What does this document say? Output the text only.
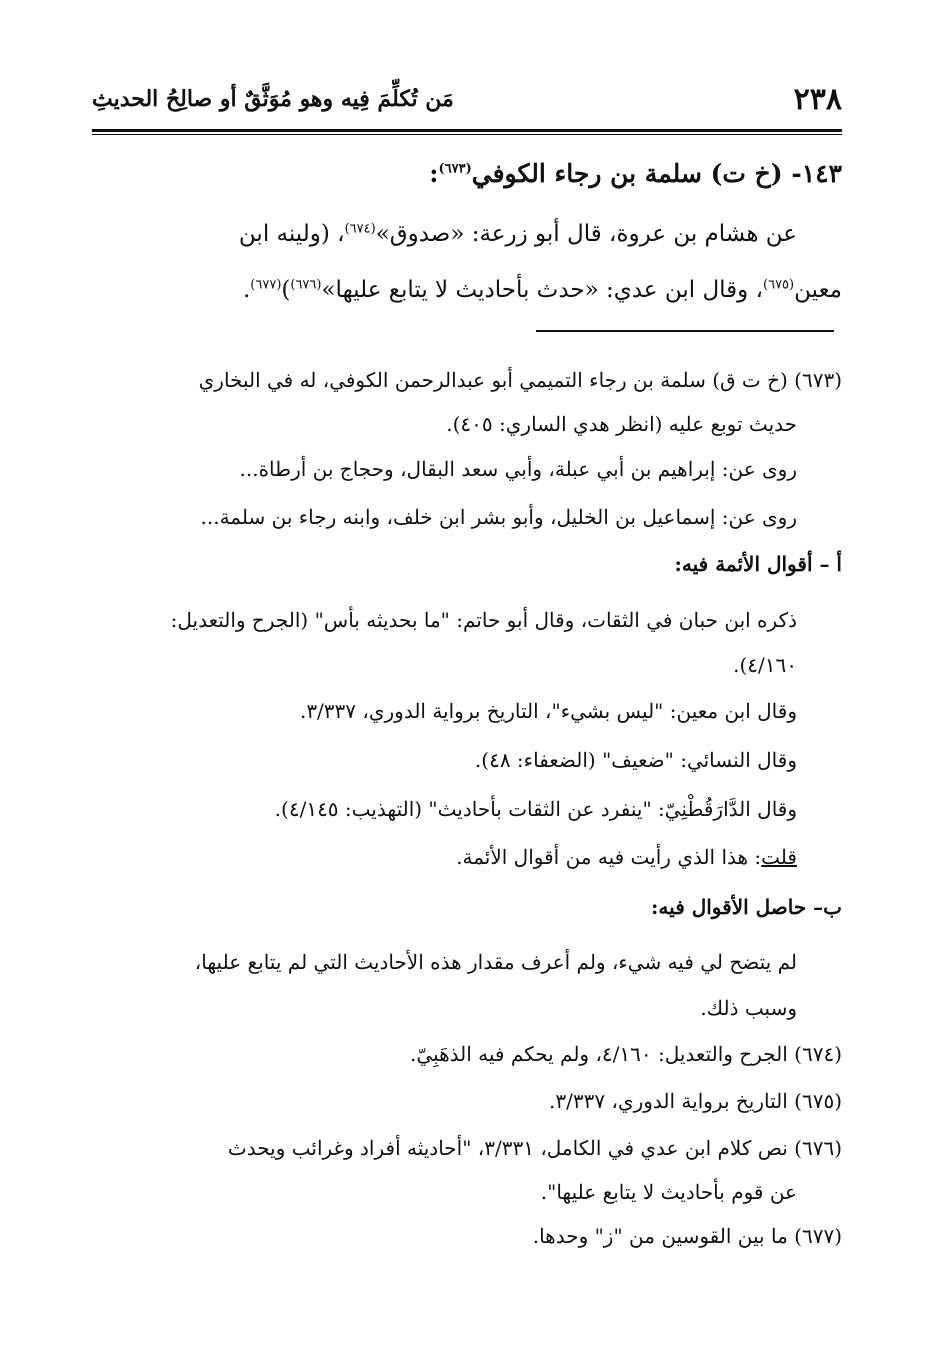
٢٣٨
مَن تُكلِّمَ فِيه وهو مُوَثَّقٌ أو صالِحُ الحديثِ
١٤٣- (خ ت) سلمة بن رجاء الكوفي$^{(٦٧٣)}$:
عن هشام بن عروة، قال أبو زرعة: «صدوق»$^{(٦٧٤)}$، (ولينه ابن
معين$^{(٦٧٥)}$، وقال ابن عدي: «حدث بأحاديث لا يتابع عليها»$^{(٦٧٦)}$)$^{(٦٧٧)}$.
(٦٧٣) (خ ت ق) سلمة بن رجاء التميمي أبو عبدالرحمن الكوفي، له في البخاري
حديث توبع عليه (انظر هدي الساري: ٤٠٥).
روى عن: إبراهيم بن أبي عبلة، وأبي سعد البقال، وحجاج بن أرطاة...
روى عن: إسماعيل بن الخليل، وأبو بشر ابن خلف، وابنه رجاء بن سلمة...
أ – أقوال الأئمة فيه:
ذكره ابن حبان في الثقات، وقال أبو حاتم: "ما بحديثه بأس" (الجرح والتعديل:
٤/١٦٠).
وقال ابن معين: "ليس بشيء"، التاريخ برواية الدوري، ٣/٣٣٧.
وقال النسائي: "ضعيف" (الضعفاء: ٤٨).
وقال الدَّارَقُطْنِيّ: "ينفرد عن الثقات بأحاديث" (التهذيب: ٤/١٤٥).
قلت: هذا الذي رأيت فيه من أقوال الأئمة.
ب– حاصل الأقوال فيه:
لم يتضح لي فيه شيء، ولم أعرف مقدار هذه الأحاديث التي لم يتابع عليها،
وسبب ذلك.
(٦٧٤) الجرح والتعديل: ٤/١٦٠، ولم يحكم فيه الذهَبِيّ.
(٦٧٥) التاريخ برواية الدوري، ٣/٣٣٧.
(٦٧٦) نص كلام ابن عدي في الكامل، ٣/٣٣١، "أحاديثه أفراد وغرائب ويحدث
عن قوم بأحاديث لا يتابع عليها".
(٦٧٧) ما بين القوسين من "ز" وحدها.
